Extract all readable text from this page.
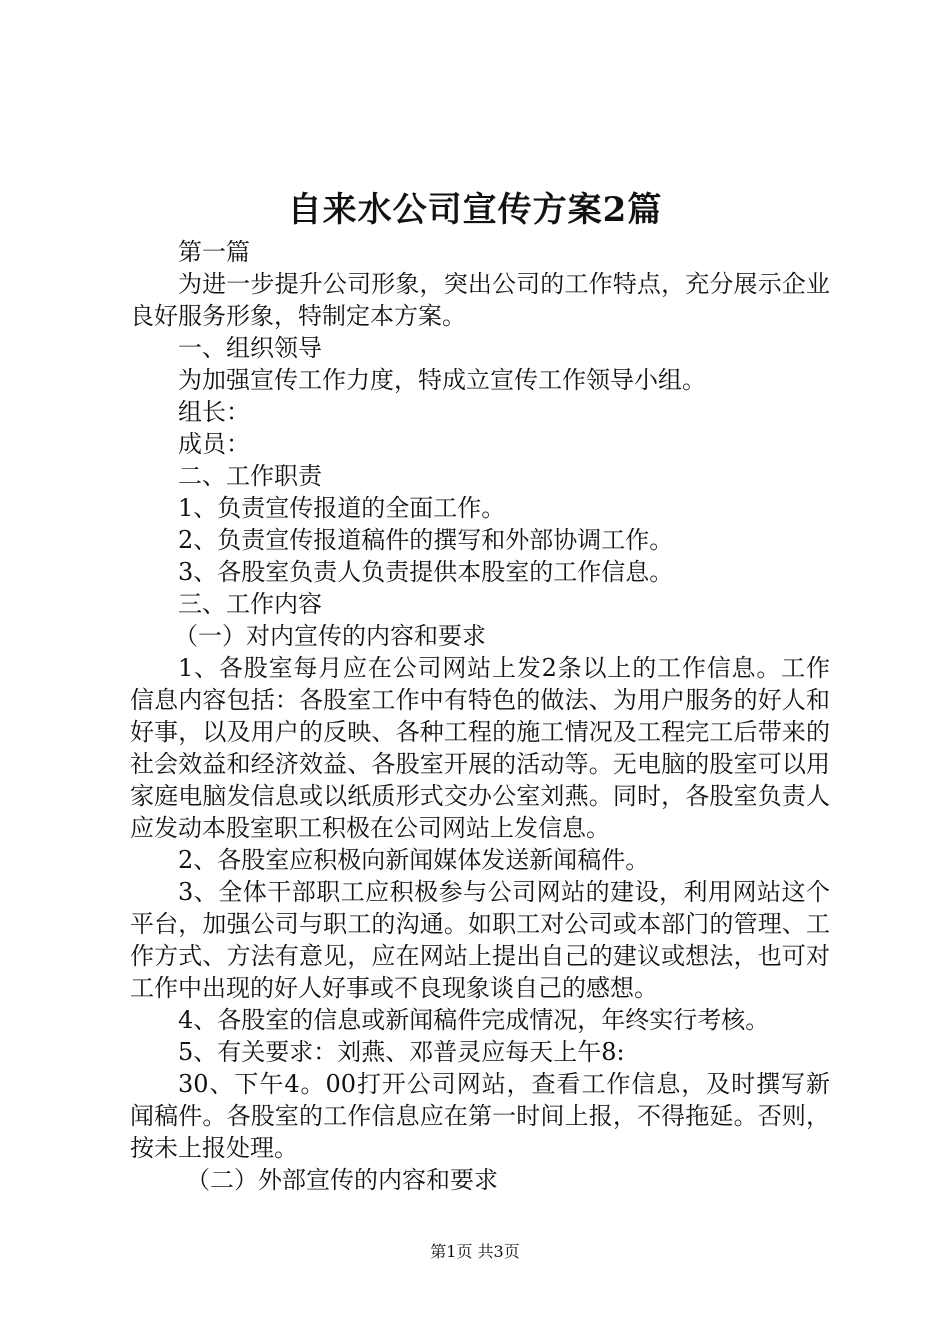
自来水公司宣传方案2篇

第一篇

为进一步提升公司形象，突出公司的工作特点，充分展示企业良好服务形象，特制定本方案。

一、组织领导

为加强宣传工作力度，特成立宣传工作领导小组。

组长：

成员：

二、工作职责

1、负责宣传报道的全面工作。

2、负责宣传报道稿件的撰写和外部协调工作。

3、各股室负责人负责提供本股室的工作信息。

三、工作内容

（一）对内宣传的内容和要求

1、各股室每月应在公司网站上发2条以上的工作信息。工作信息内容包括：各股室工作中有特色的做法、为用户服务的好人和好事，以及用户的反映、各种工程的施工情况及工程完工后带来的社会效益和经济效益、各股室开展的活动等。无电脑的股室可以用家庭电脑发信息或以纸质形式交办公室刘燕。同时，各股室负责人应发动本股室职工积极在公司网站上发信息。

2、各股室应积极向新闻媒体发送新闻稿件。

3、全体干部职工应积极参与公司网站的建设，利用网站这个平台，加强公司与职工的沟通。如职工对公司或本部门的管理、工作方式、方法有意见，应在网站上提出自己的建议或想法，也可对工作中出现的好人好事或不良现象谈自己的感想。

4、各股室的信息或新闻稿件完成情况，年终实行考核。

5、有关要求：刘燕、邓普灵应每天上午8:

30、下午4。00打开公司网站，查看工作信息，及时撰写新闻稿件。各股室的工作信息应在第一时间上报，不得拖延。否则，按未上报处理。

（二）外部宣传的内容和要求

第1页 共3页
